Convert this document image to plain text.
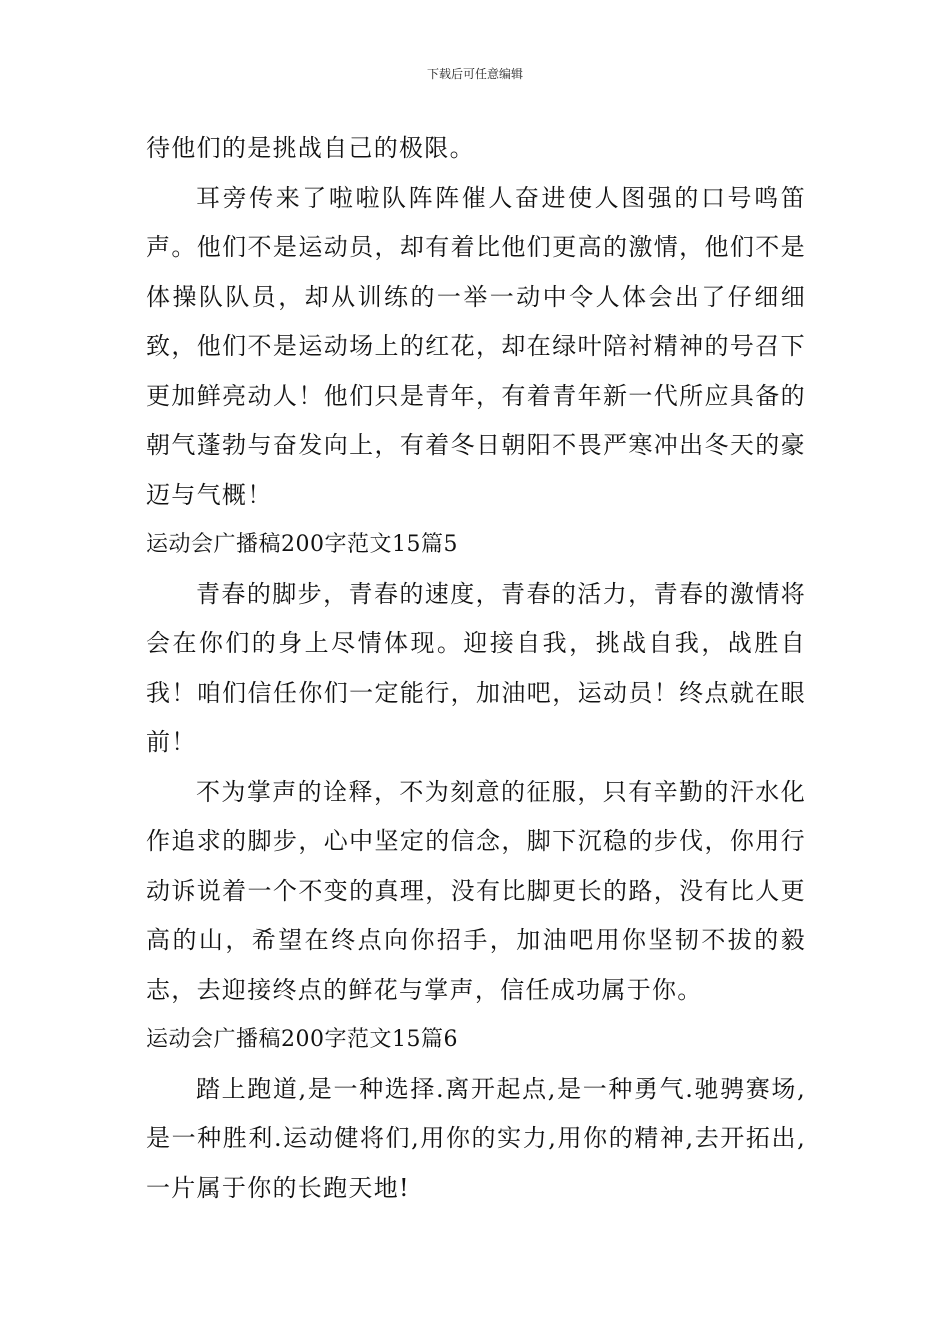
下载后可任意编辑

待他们的是挑战自己的极限。

耳旁传来了啦啦队阵阵催人奋进使人图强的口号鸣笛声。他们不是运动员，却有着比他们更高的激情，他们不是体操队队员，却从训练的一举一动中令人体会出了仔细细致，他们不是运动场上的红花，却在绿叶陪衬精神的号召下更加鲜亮动人！他们只是青年，有着青年新一代所应具备的朝气蓬勃与奋发向上，有着冬日朝阳不畏严寒冲出冬天的豪迈与气概！

运动会广播稿200字范文15篇5

青春的脚步，青春的速度，青春的活力，青春的激情将会在你们的身上尽情体现。迎接自我，挑战自我，战胜自我！咱们信任你们一定能行，加油吧，运动员！终点就在眼前！

不为掌声的诠释，不为刻意的征服，只有辛勤的汗水化作追求的脚步，心中坚定的信念，脚下沉稳的步伐，你用行动诉说着一个不变的真理，没有比脚更长的路，没有比人更高的山，希望在终点向你招手，加油吧用你坚韧不拔的毅志，去迎接终点的鲜花与掌声，信任成功属于你。

运动会广播稿200字范文15篇6

踏上跑道,是一种选择.离开起点,是一种勇气.驰骋赛场,是一种胜利.运动健将们,用你的实力,用你的精神,去开拓出,一片属于你的长跑天地!
